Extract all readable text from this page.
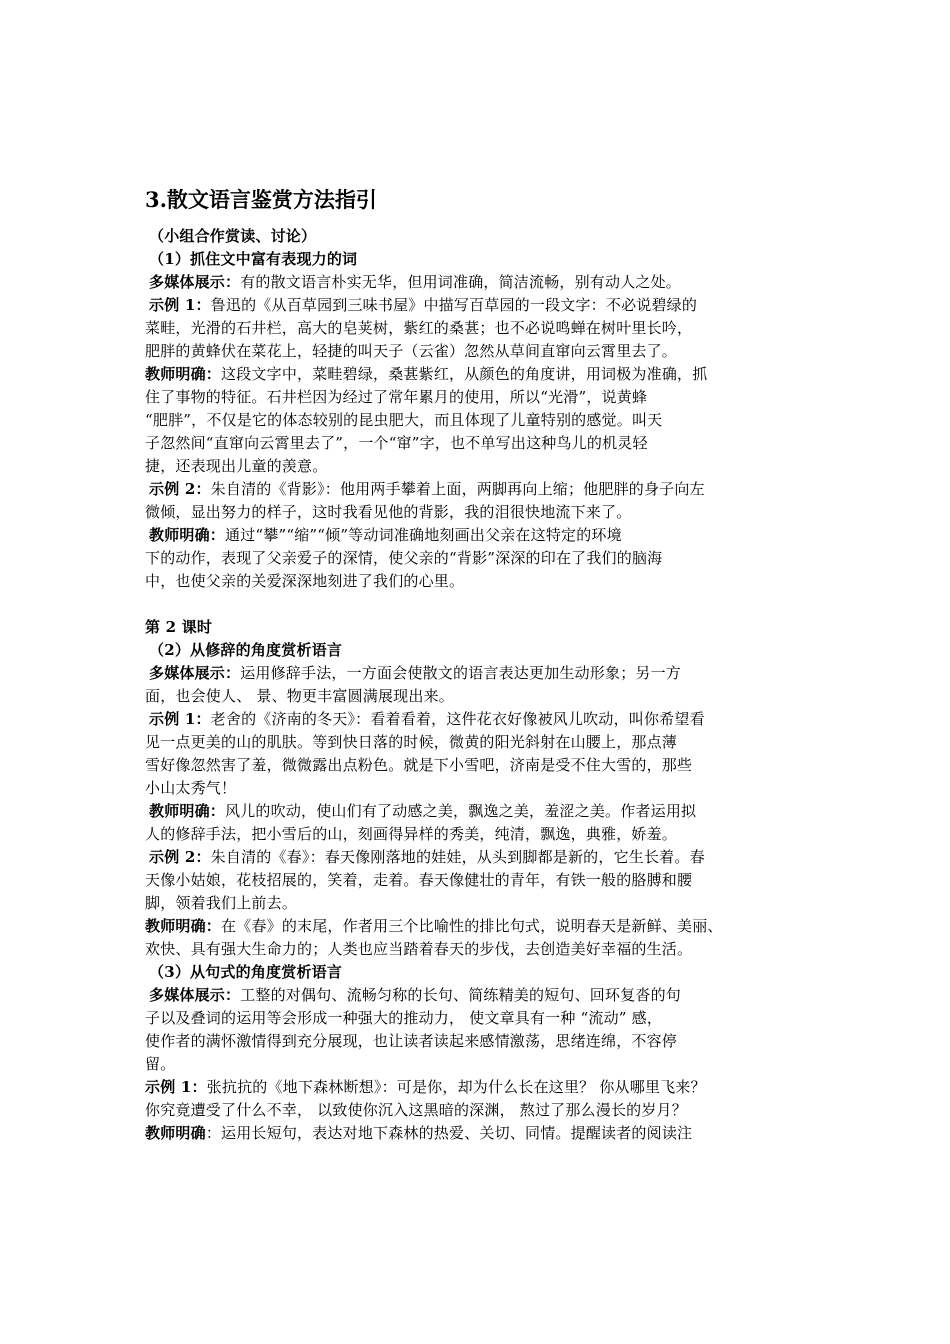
3.散文语言鉴赏方法指引
（小组合作赏读、讨论）
（1）抓住文中富有表现力的词
多媒体展示：有的散文语言朴实无华，但用词准确，简洁流畅，别有动人之处。
示例 1：鲁迅的《从百草园到三味书屋》中描写百草园的一段文字：不必说碧绿的
菜畦，光滑的石井栏，高大的皂荚树，紫红的桑葚；也不必说鸣蝉在树叶里长吟，
肥胖的黄蜂伏在菜花上，轻捷的叫天子（云雀）忽然从草间直窜向云霄里去了。
教师明确：这段文字中，菜畦碧绿，桑葚紫红，从颜色的角度讲，用词极为准确，抓
住了事物的特征。石井栏因为经过了常年累月的使用，所以“光滑”，说黄蜂
“肥胖”，不仅是它的体态较别的昆虫肥大，而且体现了儿童特别的感觉。叫天
子忽然间“直窜向云霄里去了”，一个“窜”字，也不单写出这种鸟儿的机灵轻
捷，还表现出儿童的羡意。
示例 2：朱自清的《背影》：他用两手攀着上面，两脚再向上缩；他肥胖的身子向左
微倾，显出努力的样子，这时我看见他的背影，我的泪很快地流下来了。
教师明确：通过“攀”“缩”“倾”等动词准确地刻画出父亲在这特定的环境
下的动作，表现了父亲爱子的深情，使父亲的“背影”深深的印在了我们的脑海
中，也使父亲的关爱深深地刻进了我们的心里。
第 2 课时
（2）从修辞的角度赏析语言
多媒体展示：运用修辞手法，一方面会使散文的语言表达更加生动形象；另一方
面，也会使人、 景、物更丰富圆满展现出来。
示例 1：老舍的《济南的冬天》：看着看着，这件花衣好像被风儿吹动，叫你希望看
见一点更美的山的肌肤。等到快日落的时候，微黄的阳光斜射在山腰上，那点薄
雪好像忽然害了羞，微微露出点粉色。就是下小雪吧，济南是受不住大雪的，那些
小山太秀气！
教师明确：风儿的吹动，使山们有了动感之美，飘逸之美，羞涩之美。作者运用拟
人的修辞手法，把小雪后的山，刻画得异样的秀美，纯清，飘逸，典雅，娇羞。
示例 2：朱自清的《春》：春天像刚落地的娃娃，从头到脚都是新的，它生长着。春
天像小姑娘，花枝招展的，笑着，走着。春天像健壮的青年，有铁一般的胳膊和腰
脚，领着我们上前去。
教师明确：在《春》的末尾，作者用三个比喻性的排比句式，说明春天是新鲜、美丽、
欢快、具有强大生命力的；人类也应当踏着春天的步伐，去创造美好幸福的生活。
（3）从句式的角度赏析语言
多媒体展示：工整的对偶句、流畅匀称的长句、简练精美的短句、回环复沓的句
子以及叠词的运用等会形成一种强大的推动力， 使文章具有一种 “流动” 感，
使作者的满怀激情得到充分展现，也让读者读起来感情激荡，思绪连绵，不容停
留。
示例 1：张抗抗的《地下森林断想》：可是你，却为什么长在这里？ 你从哪里飞来？
你究竟遭受了什么不幸， 以致使你沉入这黑暗的深渊， 熬过了那么漫长的岁月？
教师明确：运用长短句，表达对地下森林的热爱、关切、同情。提醒读者的阅读注
